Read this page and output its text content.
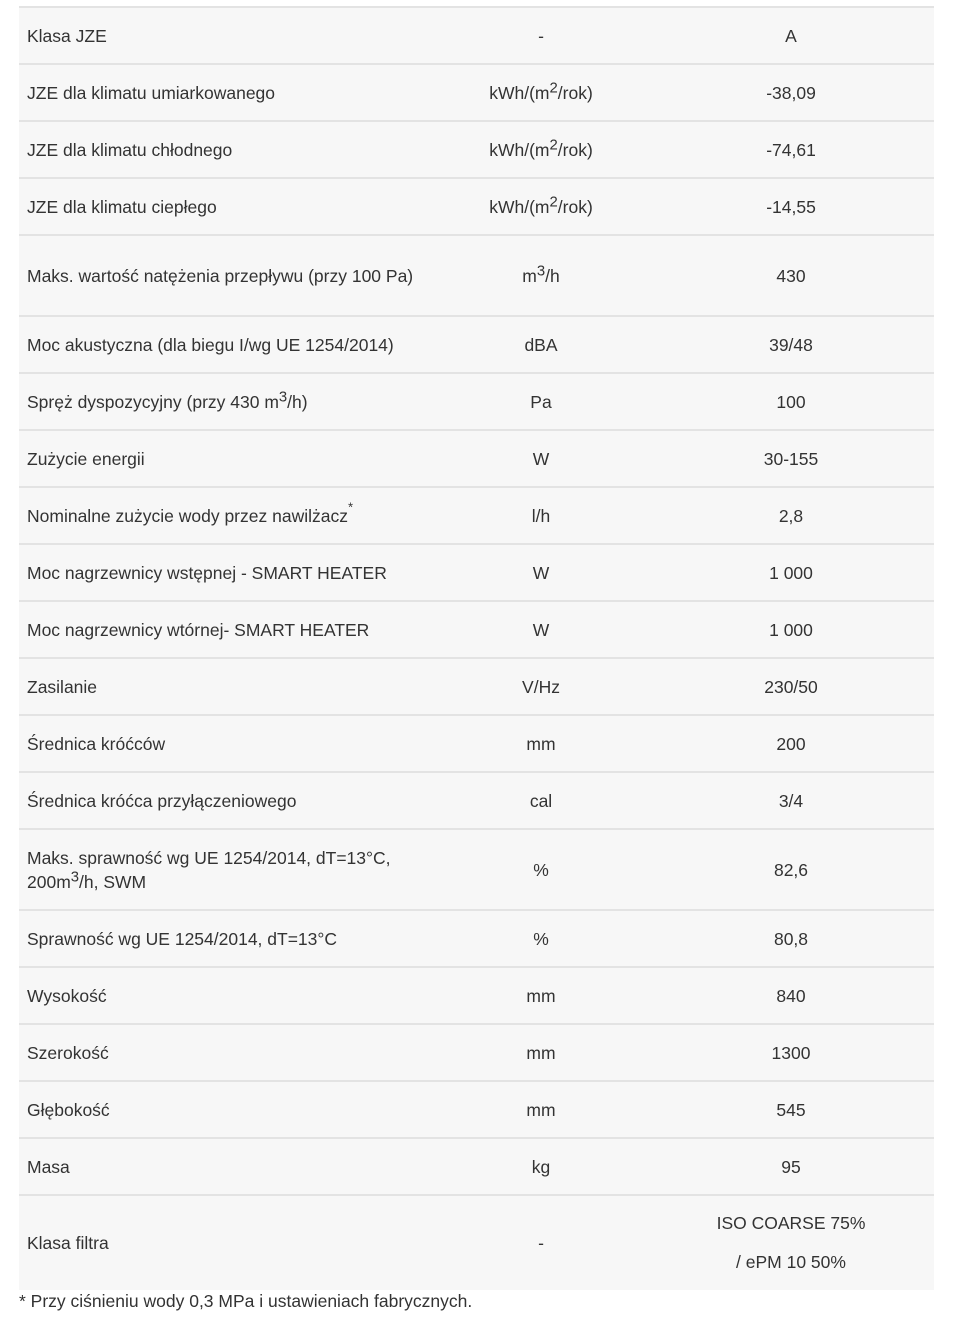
Klasa JZE	-	A
JZE dla klimatu umiarkowanego	kWh/$(m^2/rok)$	-38,09
JZE dla klimatu chłodnego	kWh/$(m^2/rok)$	-74,61
JZE dla klimatu ciepłego	kWh/$(m^2/rok)$	-14,55
Maks. wartość natężenia przepływu (przy 100 Pa)	$m^3/h$	430
Moc akustyczna (dla biegu I/wg UE 1254/2014)	dBA	39/48
Spręż dyspozycyjny (przy 430 $m^3/h$)	Pa	100
Zużycie energii	W	30-155
Nominalne zużycie wody przez nawilżacz*	l/h	2,8
Moc nagrzewnicy wstępnej - SMART HEATER	W	1 000
Moc nagrzewnicy wtórnej- SMART HEATER	W	1 000
Zasilanie	V/Hz	230/50
Średnica króćców	mm	200
Średnica króćca przyłączeniowego	cal	3/4
Maks. sprawność wg UE 1254/2014, dT=13°C, $200m^3/h$, SWM	%	82,6
Sprawność wg UE 1254/2014, dT=13°C	%	80,8
Wysokość	mm	840
Szerokość	mm	1300
Głębokość	mm	545
Masa	kg	95
Klasa filtra	-	ISO COARSE 75%
/ ePM 10 50%
* Przy ciśnieniu wody 0,3 MPa i ustawieniach fabrycznych.
